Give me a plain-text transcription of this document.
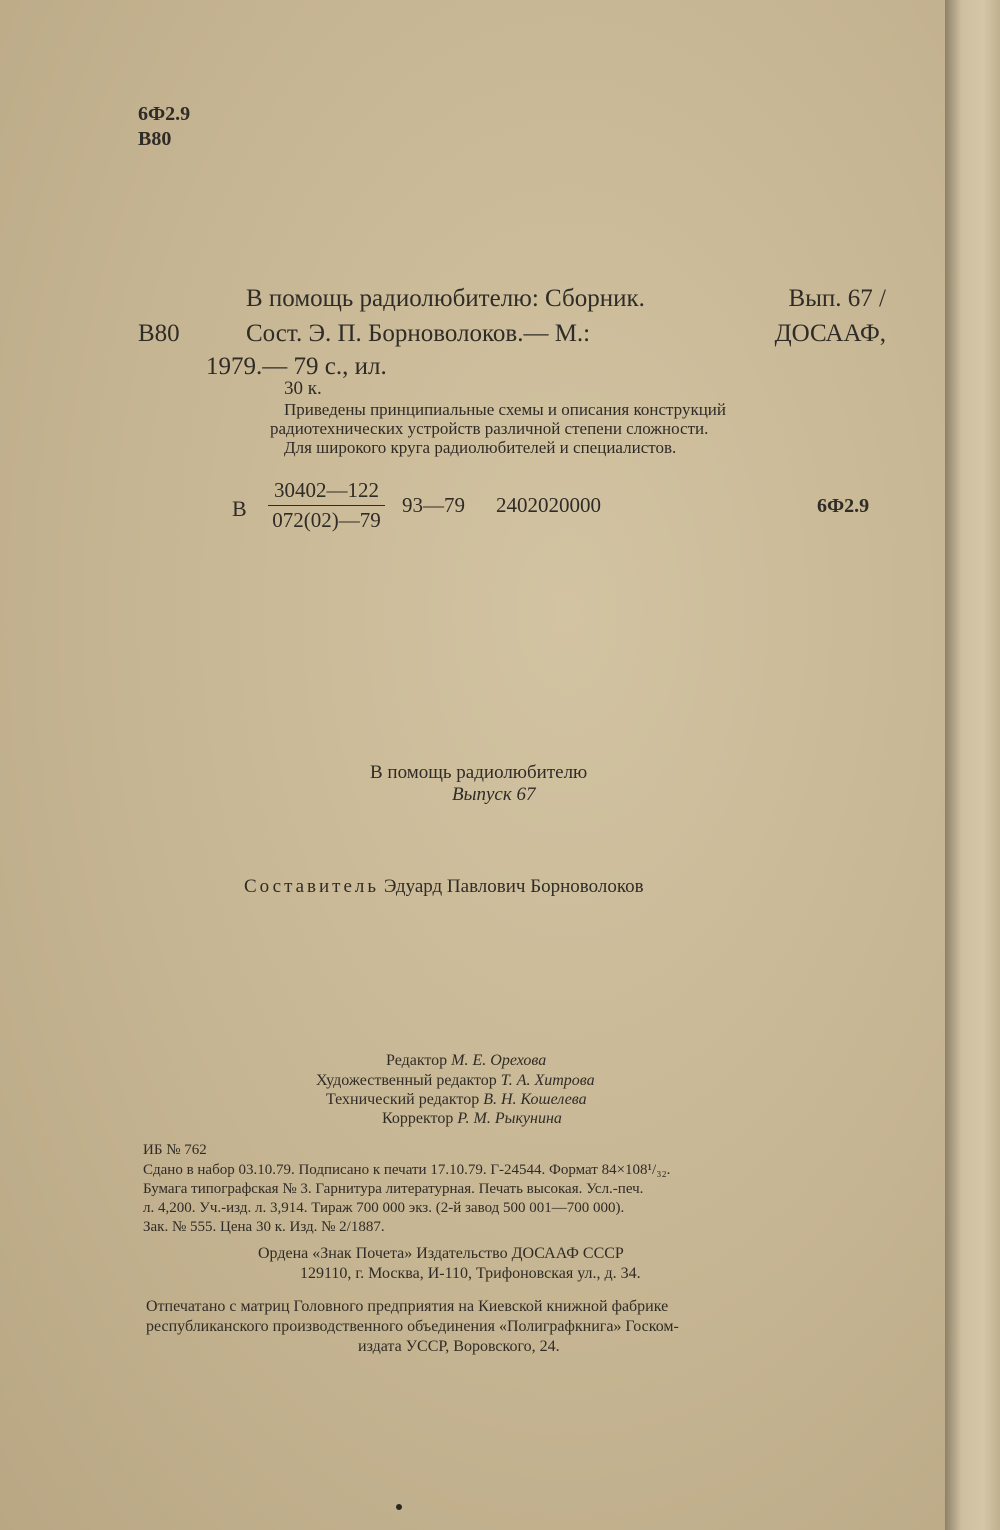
6Ф2.9
В80
В помощь радиолюбителю: Сборник.	Вып. 67 /
В80	Сост. Э. П. Борноволоков.— М.:	ДОСААФ,
1979.— 79 с., ил.
30 к.
Приведены принципиальные схемы и описания конструкций
радиотехнических устройств различной степени сложности.
Для широкого круга радиолюбителей и специалистов.
В $\frac{30402—122}{072(02)—79}$ 93—79 2402020000	6Ф2.9
В помощь радиолюбителю
Выпуск 67
Составитель Эдуард Павлович Борноволоков
Редактор М. Е. Орехова
Художественный редактор Т. А. Хитрова
Технический редактор В. Н. Кошелева
Корректор Р. М. Рыкунина
ИБ № 762
Сдано в набор 03.10.79. Подписано к печати 17.10.79. Г-24544. Формат 84×108¹/₃₂.
Бумага типографская № 3. Гарнитура литературная. Печать высокая. Усл.-печ.
л. 4,200. Уч.-изд. л. 3,914. Тираж 700 000 экз. (2-й завод 500 001—700 000).
Зак. № 555. Цена 30 к. Изд. № 2/1887.
Ордена «Знак Почета» Издательство ДОСААФ СССР
129110, г. Москва, И-110, Трифоновская ул., д. 34.
Отпечатано с матриц Головного предприятия на Киевской книжной фабрике
республиканского производственного объединения «Полиграфкнига» Госком-
издата УССР, Воровского, 24.
